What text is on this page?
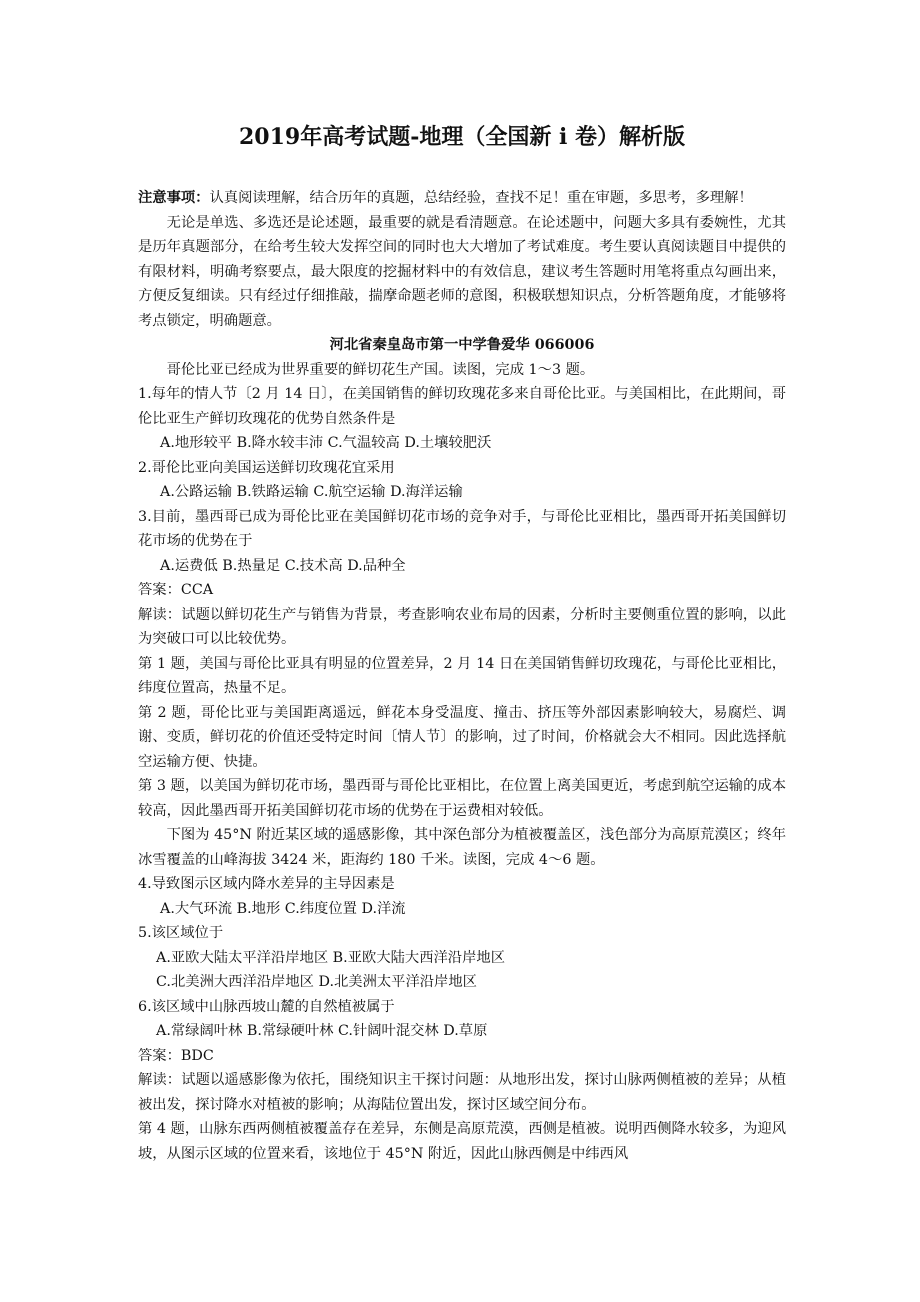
2019年高考试题-地理（全国新 i 卷）解析版

注意事项：认真阅读理解，结合历年的真题，总结经验，查找不足！重在审题，多思考，多理解！

无论是单选、多选还是论述题，最重要的就是看清题意。在论述题中，问题大多具有委婉性，尤其是历年真题部分，在给考生较大发挥空间的同时也大大增加了考试难度。考生要认真阅读题目中提供的有限材料，明确考察要点，最大限度的挖掘材料中的有效信息，建议考生答题时用笔将重点勾画出来，方便反复细读。只有经过仔细推敲，揣摩命题老师的意图，积极联想知识点，分析答题角度，才能够将考点锁定，明确题意。

河北省秦皇岛市第一中学鲁爱华 066006

哥伦比亚已经成为世界重要的鲜切花生产国。读图，完成 1～3 题。

1.每年的情人节〔2 月 14 日〕，在美国销售的鲜切玫瑰花多来自哥伦比亚。与美国相比，在此期间，哥伦比亚生产鲜切玫瑰花的优势自然条件是

A.地形较平 B.降水较丰沛 C.气温较高 D.土壤较肥沃

2.哥伦比亚向美国运送鲜切玫瑰花宜采用

A.公路运输 B.铁路运输 C.航空运输 D.海洋运输

3.目前，墨西哥已成为哥伦比亚在美国鲜切花市场的竞争对手，与哥伦比亚相比，墨西哥开拓美国鲜切花市场的优势在于

A.运费低 B.热量足 C.技术高 D.品种全

答案：CCA

解读：试题以鲜切花生产与销售为背景，考查影响农业布局的因素，分析时主要侧重位置的影响，以此为突破口可以比较优势。

第 1 题，美国与哥伦比亚具有明显的位置差异，2 月 14 日在美国销售鲜切玫瑰花，与哥伦比亚相比，纬度位置高，热量不足。

第 2 题，哥伦比亚与美国距离遥远，鲜花本身受温度、撞击、挤压等外部因素影响较大，易腐烂、调谢、变质，鲜切花的价值还受特定时间〔情人节〕的影响，过了时间，价格就会大不相同。因此选择航空运输方便、快捷。

第 3 题，以美国为鲜切花市场，墨西哥与哥伦比亚相比，在位置上离美国更近，考虑到航空运输的成本较高，因此墨西哥开拓美国鲜切花市场的优势在于运费相对较低。

下图为 45°N 附近某区域的遥感影像，其中深色部分为植被覆盖区，浅色部分为高原荒漠区；终年冰雪覆盖的山峰海拔 3424 米，距海约 180 千米。读图，完成 4～6 题。

4.导致图示区域内降水差异的主导因素是

A.大气环流 B.地形 C.纬度位置 D.洋流

5.该区域位于

A.亚欧大陆太平洋沿岸地区 B.亚欧大陆大西洋沿岸地区

C.北美洲大西洋沿岸地区 D.北美洲太平洋沿岸地区

6.该区域中山脉西坡山麓的自然植被属于

A.常绿阔叶林 B.常绿硬叶林 C.针阔叶混交林 D.草原

答案：BDC

解读：试题以遥感影像为依托，围绕知识主干探讨问题：从地形出发，探讨山脉两侧植被的差异；从植被出发，探讨降水对植被的影响；从海陆位置出发，探讨区域空间分布。

第 4 题，山脉东西两侧植被覆盖存在差异，东侧是高原荒漠，西侧是植被。说明西侧降水较多，为迎风坡，从图示区域的位置来看，该地位于 45°N 附近，因此山脉西侧是中纬西风
